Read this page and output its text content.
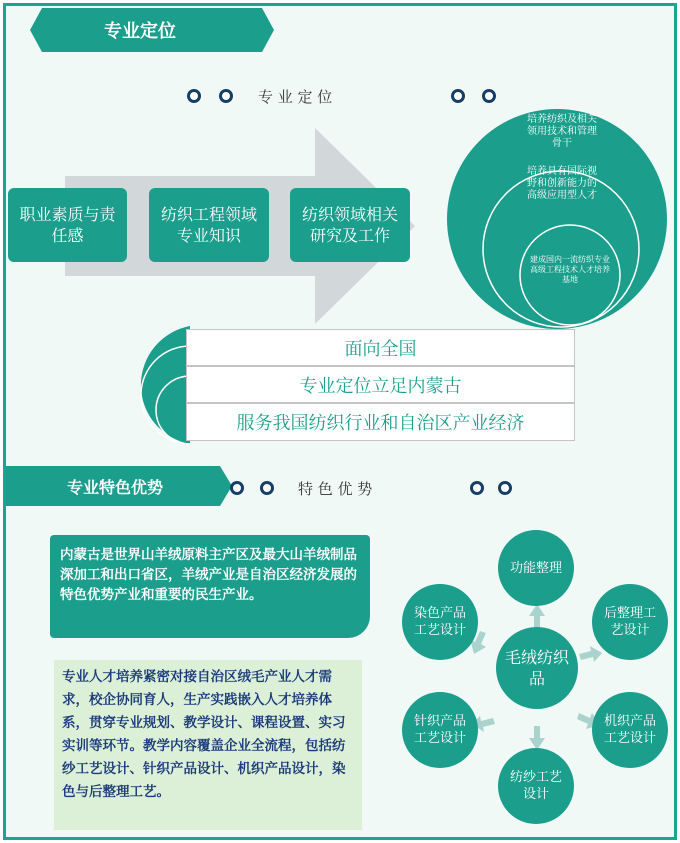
专业定位
专 业 定 位
职业素质与责任感
纺织工程领域专业知识
纺织领域相关研究及工作
培养纺织及相关领用技术和管理骨干
培养具有国际视野和创新能力的高级应用型人才
建成国内一流纺织专业高级工程技术人才培养基地
面向全国
专业定位立足内蒙古
服务我国纺织行业和自治区产业经济
专业特色优势	特 色 优 势
内蒙古是世界山羊绒原料主产区及最大山羊绒制品深加工和出口省区，羊绒产业是自治区经济发展的特色优势产业和重要的民生产业。
专业人才培养紧密对接自治区绒毛产业人才需求，校企协同育人，生产实践嵌入人才培养体系，贯穿专业规划、教学设计、课程设置、实习实训等环节。教学内容覆盖企业全流程，包括纺纱工艺设计、针织产品设计、机织产品设计，染色与后整理工艺。
毛绒纺织品
功能整理
后整理工艺设计
机织产品工艺设计
纺纱工艺设计
针织产品工艺设计
染色产品工艺设计
